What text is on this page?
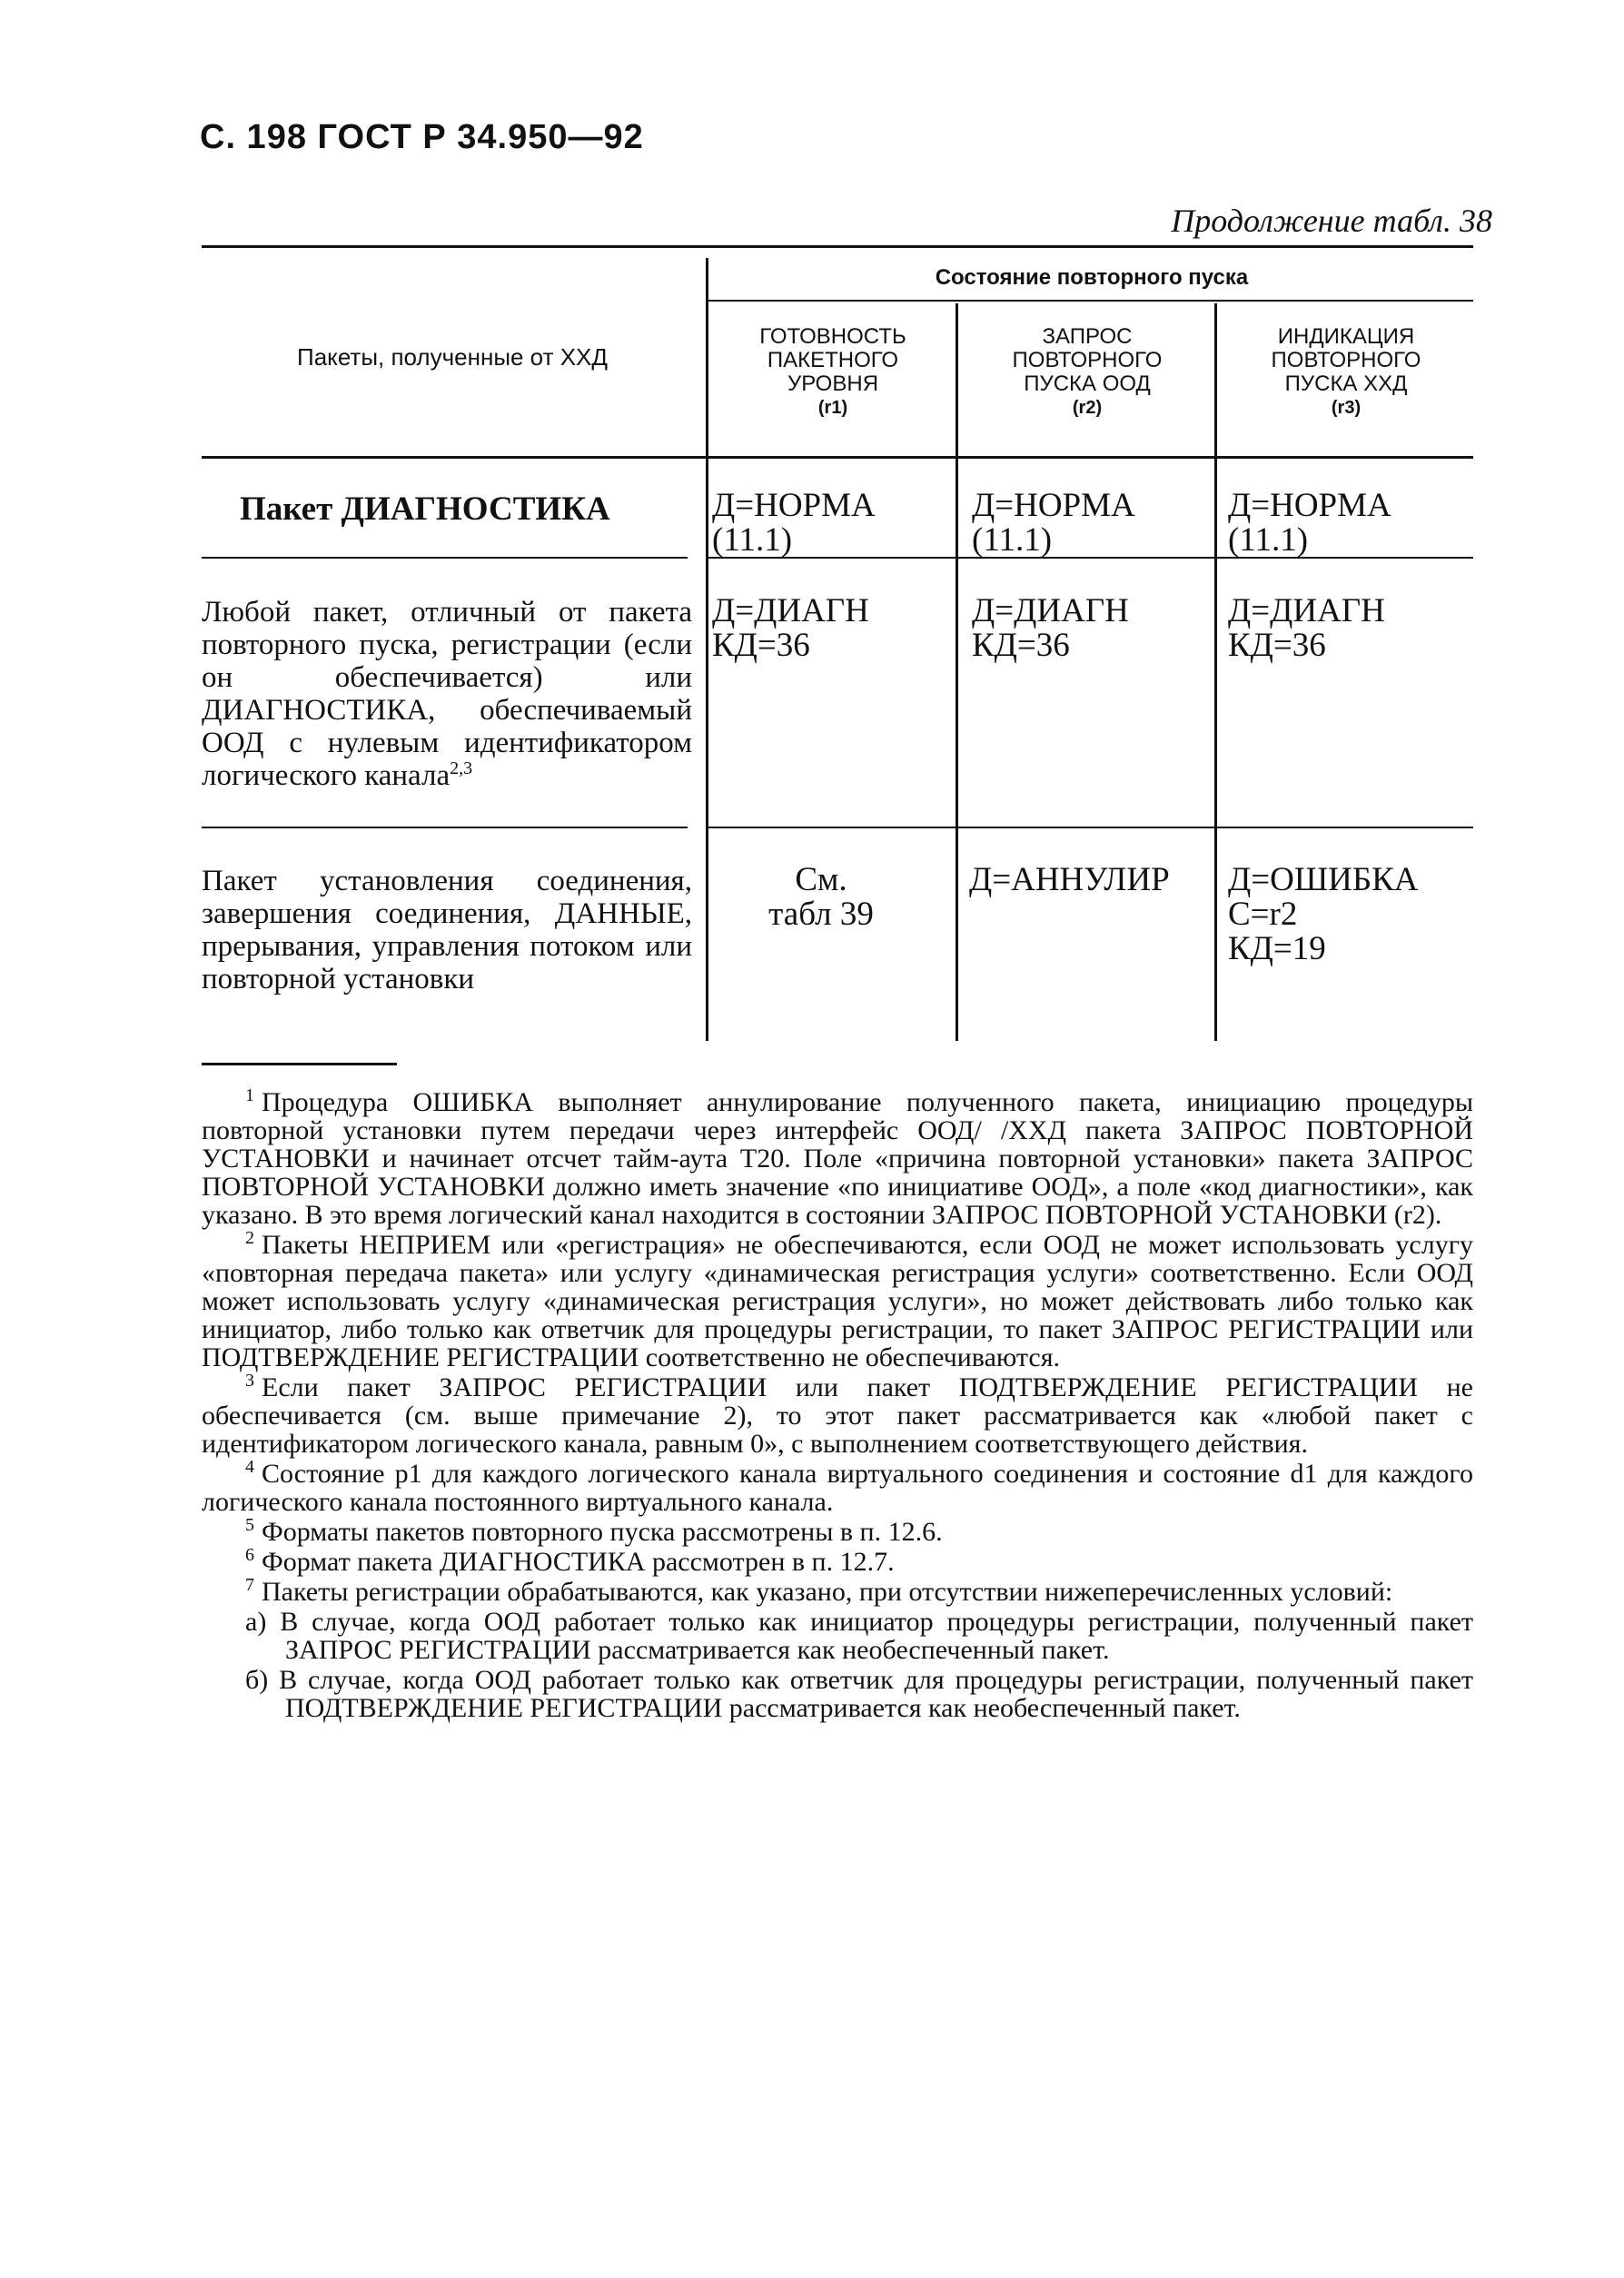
С. 198 ГОСТ Р 34.950—92
Продолжение табл. 38
Состояние повторного пуска
Пакеты, полученные от ХХД
ГОТОВНОСТЬ ПАКЕТНОГО УРОВНЯ
(r1)
ЗАПРОС ПОВТОРНОГО ПУСКА ООД
(r2)
ИНДИКАЦИЯ ПОВТОРНОГО ПУСКА ХХД
(r3)
Пакет ДИАГНОСТИКА	Д=НОРМА
(11.1)
Д=НОРМА
(11.1)
Д=НОРМА
(11.1)
Любой пакет, отличный от пакета повторного пуска, регистрации (если он обеспечивается) или ДИАГНОСТИКА, обеспечиваемый ООД с нулевым идентификатором логического канала$^{2,3}$
Д=ДИАГН
КД=36
Д=ДИАГН
КД=36
Д=ДИАГН
КД=36
Пакет установления соединения, завершения соединения, ДАННЫЕ, прерывания, управления потоком или повторной установки
См.
табл 39
Д=АННУЛИР	Д=ОШИБКА
С=r2
КД=19

$^1$ Процедура ОШИБКА выполняет аннулирование полученного пакета, инициацию процедуры повторной установки путем передачи через интерфейс ООД/ /ХХД пакета ЗАПРОС ПОВТОРНОЙ УСТАНОВКИ и начинает отсчет тайм-аута Т20. Поле «причина повторной установки» пакета ЗАПРОС ПОВТОРНОЙ УСТАНОВКИ должно иметь значение «по инициативе ООД», а поле «код диагностики», как указано. В это время логический канал находится в состоянии ЗАПРОС ПОВТОРНОЙ УСТАНОВКИ (r2).

$^2$ Пакеты НЕПРИЕМ или «регистрация» не обеспечиваются, если ООД не может использовать услугу «повторная передача пакета» или услугу «динамическая регистрация услуги» соответственно. Если ООД может использовать услугу «динамическая регистрация услуги», но может действовать либо только как инициатор, либо только как ответчик для процедуры регистрации, то пакет ЗАПРОС РЕГИСТРАЦИИ или ПОДТВЕРЖДЕНИЕ РЕГИСТРАЦИИ соответственно не обеспечиваются.

$^3$ Если пакет ЗАПРОС РЕГИСТРАЦИИ или пакет ПОДТВЕРЖДЕНИЕ РЕГИСТРАЦИИ не обеспечивается (см. выше примечание 2), то этот пакет рассматривается как «любой пакет с идентификатором логического канала, равным 0», с выполнением соответствующего действия.

$^4$ Состояние p1 для каждого логического канала виртуального соединения и состояние d1 для каждого логического канала постоянного виртуального канала.

$^5$ Форматы пакетов повторного пуска рассмотрены в п. 12.6.

$^6$ Формат пакета ДИАГНОСТИКА рассмотрен в п. 12.7.

$^7$ Пакеты регистрации обрабатываются, как указано, при отсутствии нижеперечисленных условий:

а) В случае, когда ООД работает только как инициатор процедуры регистрации, полученный пакет ЗАПРОС РЕГИСТРАЦИИ рассматривается как необеспеченный пакет.

б) В случае, когда ООД работает только как ответчик для процедуры регистрации, полученный пакет ПОДТВЕРЖДЕНИЕ РЕГИСТРАЦИИ рассматривается как необеспеченный пакет.
